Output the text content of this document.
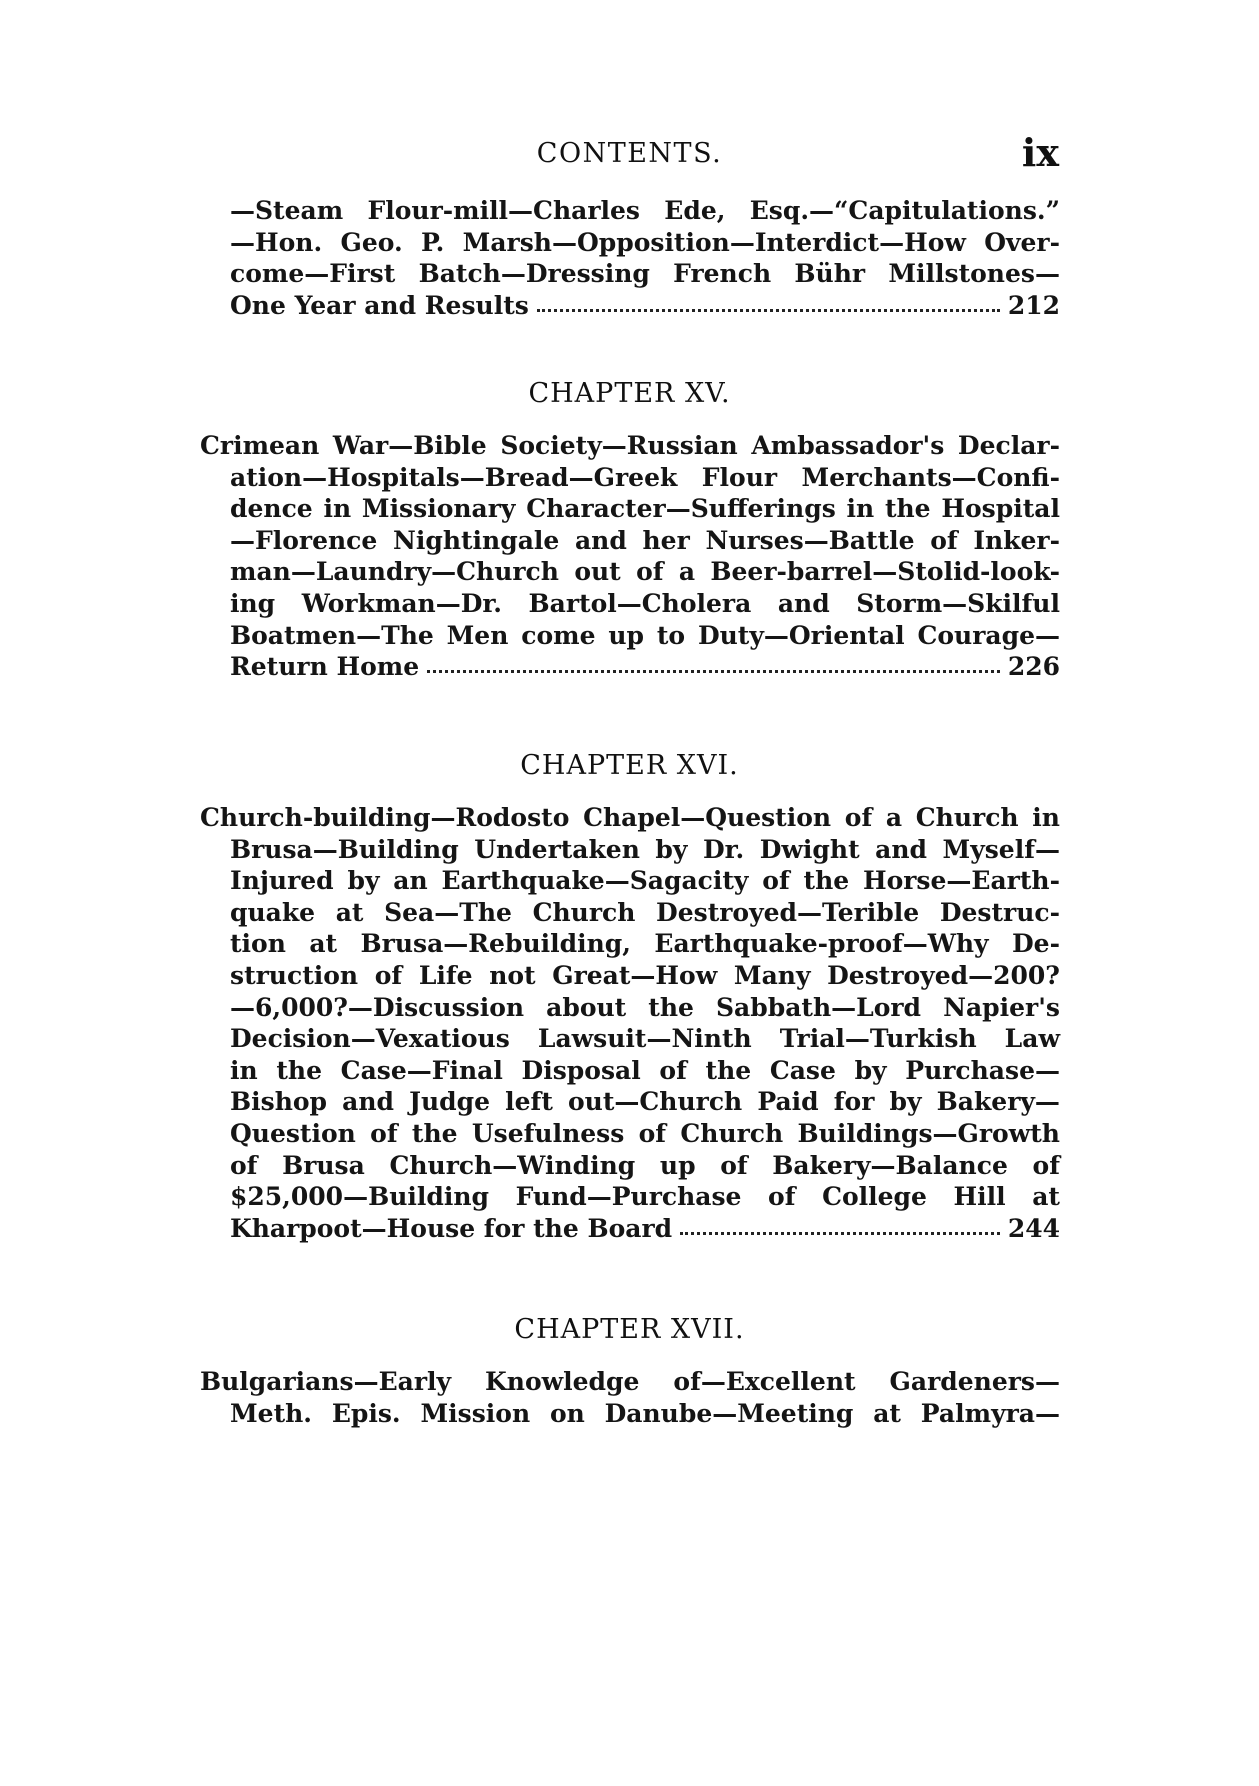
CONTENTS.	ix
—Steam Flour-mill—Charles Ede, Esq.—“Capitulations.”
—Hon. Geo. P. Marsh—Opposition—Interdict—How Over-
come—First Batch—Dressing French Bühr Millstones—
One Year and Results	212
CHAPTER XV.
Crimean War—Bible Society—Russian Ambassador's Declar-
ation—Hospitals—Bread—Greek Flour Merchants—Confi-
dence in Missionary Character—Sufferings in the Hospital
—Florence Nightingale and her Nurses—Battle of Inker-
man—Laundry—Church out of a Beer-barrel—Stolid-look-
ing Workman—Dr. Bartol—Cholera and Storm—Skilful
Boatmen—The Men come up to Duty—Oriental Courage—
Return Home	226
CHAPTER XVI.
Church-building—Rodosto Chapel—Question of a Church in
Brusa—Building Undertaken by Dr. Dwight and Myself—
Injured by an Earthquake—Sagacity of the Horse—Earth-
quake at Sea—The Church Destroyed—Terible Destruc-
tion at Brusa—Rebuilding, Earthquake-proof—Why De-
struction of Life not Great—How Many Destroyed—200?
—6,000?—Discussion about the Sabbath—Lord Napier's
Decision—Vexatious Lawsuit—Ninth Trial—Turkish Law
in the Case—Final Disposal of the Case by Purchase—
Bishop and Judge left out—Church Paid for by Bakery—
Question of the Usefulness of Church Buildings—Growth
of Brusa Church—Winding up of Bakery—Balance of
$25,000—Building Fund—Purchase of College Hill at
Kharpoot—House for the Board	244
CHAPTER XVII.
Bulgarians—Early Knowledge of—Excellent Gardeners—
Meth. Epis. Mission on Danube—Meeting at Palmyra—
